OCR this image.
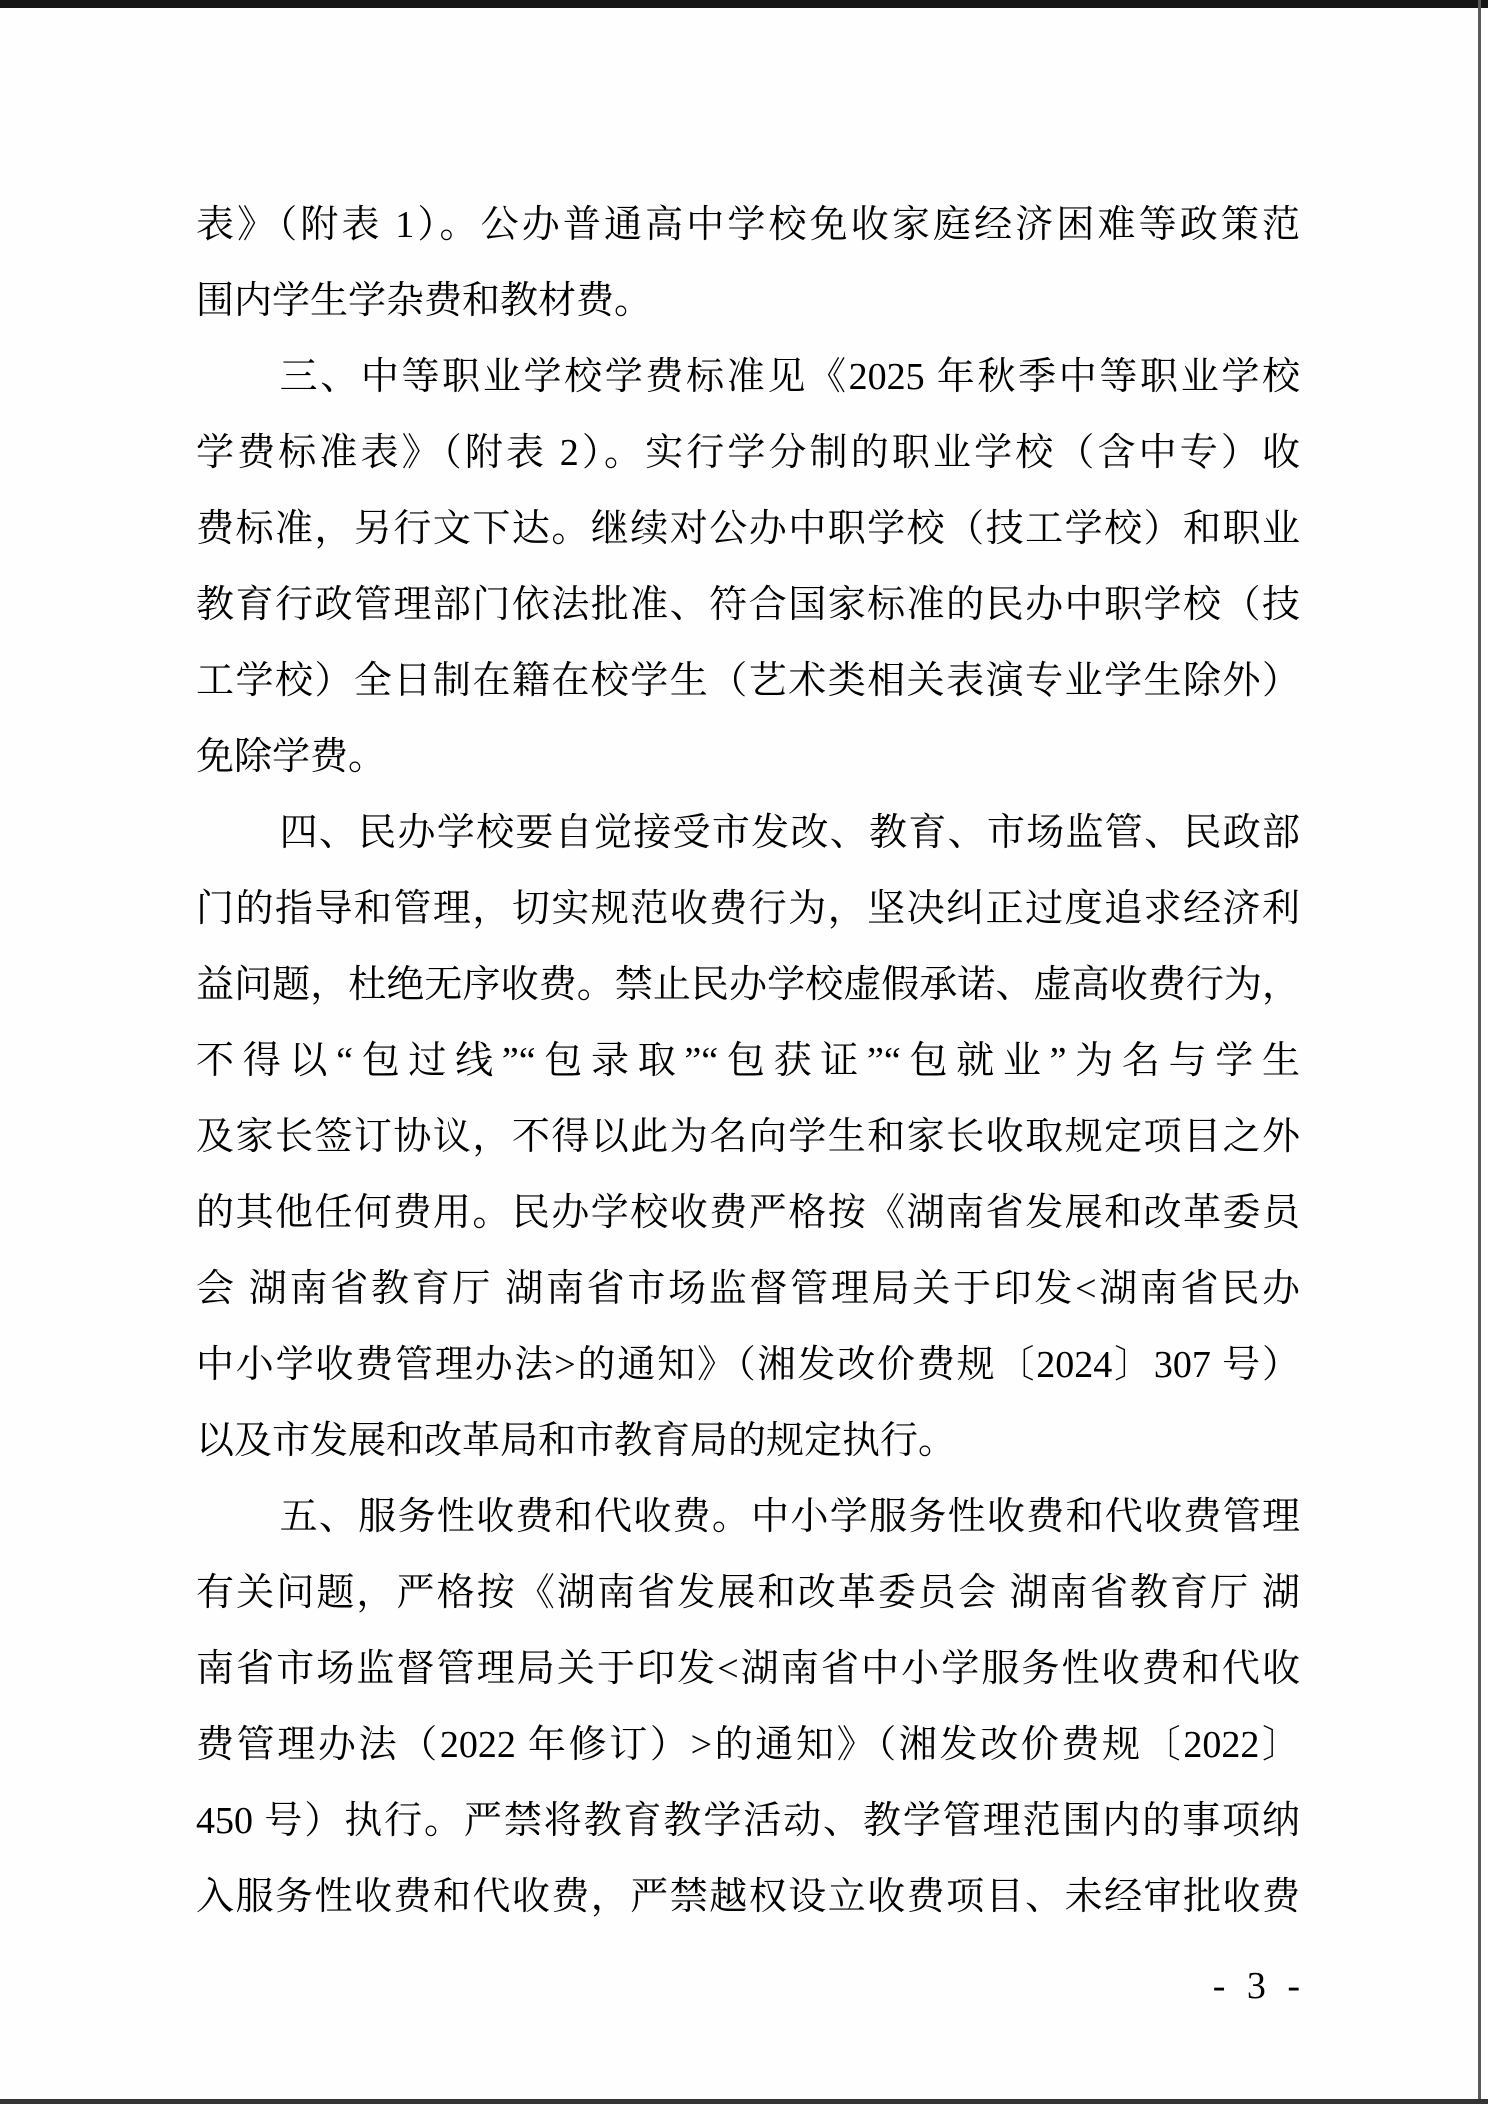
表》（附表 1）。公办普通高中学校免收家庭经济困难等政策范
围内学生学杂费和教材费。
三、中等职业学校学费标准见《2025 年秋季中等职业学校
学费标准表》（附表 2）。实行学分制的职业学校（含中专）收
费标准，另行文下达。继续对公办中职学校（技工学校）和职业
教育行政管理部门依法批准、符合国家标准的民办中职学校（技
工学校）全日制在籍在校学生（艺术类相关表演专业学生除外）
免除学费。
四、民办学校要自觉接受市发改、教育、市场监管、民政部
门的指导和管理，切实规范收费行为，坚决纠正过度追求经济利
益问题，杜绝无序收费。禁止民办学校虚假承诺、虚高收费行为，
不得以“包过线”“包录取”“包获证”“包就业”为名与学生
及家长签订协议，不得以此为名向学生和家长收取规定项目之外
的其他任何费用。民办学校收费严格按《湖南省发展和改革委员
会 湖南省教育厅 湖南省市场监督管理局关于印发<湖南省民办
中小学收费管理办法>的通知》（湘发改价费规〔2024〕307 号）
以及市发展和改革局和市教育局的规定执行。
五、服务性收费和代收费。中小学服务性收费和代收费管理
有关问题，严格按《湖南省发展和改革委员会 湖南省教育厅 湖
南省市场监督管理局关于印发<湖南省中小学服务性收费和代收
费管理办法（2022 年修订）>的通知》（湘发改价费规〔2022〕
450 号）执行。严禁将教育教学活动、教学管理范围内的事项纳
入服务性收费和代收费，严禁越权设立收费项目、未经审批收费
- 3 -
